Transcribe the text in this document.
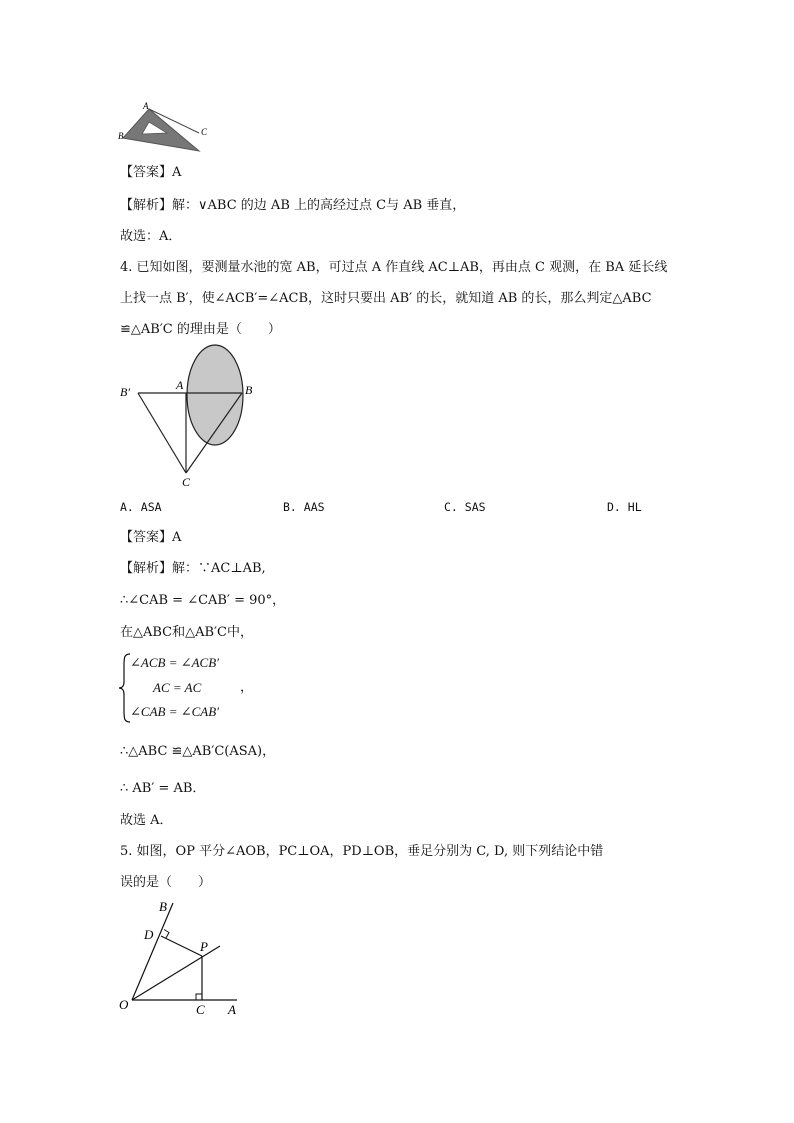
A
B	C
【答案】A
【解析】解：∨ABC 的边 AB 上的高经过点 C与 AB 垂直，
故选：A．
4. 已知如图，要测量水池的宽 AB，可过点 A 作直线 AC⊥AB，再由点 C 观测，在 BA 延长线
上找一点 B′，使∠ACB′=∠ACB，这时只要出 AB′ 的长，就知道 AB 的长，那么判定△ABC
≌△AB′C 的理由是（　　）
B′	A	B
C
A. ASA	B. AAS	C. SAS	D. HL
【答案】A
【解析】解：∵AC⊥AB,
∴∠CAB = ∠CAB′ = 90°，
在△ABC和△AB′C中，
∠ACB = ∠ACB′
AC = AC	，
∠CAB = ∠CAB′
∴△ABC ≌△AB′C(ASA)，
∴ AB′ = AB．
故选 A．
5. 如图，OP 平分∠AOB，PC⊥OA，PD⊥OB，垂足分别为 C, D, 则下列结论中错
误的是（　　）
B
D
P
O	C A
